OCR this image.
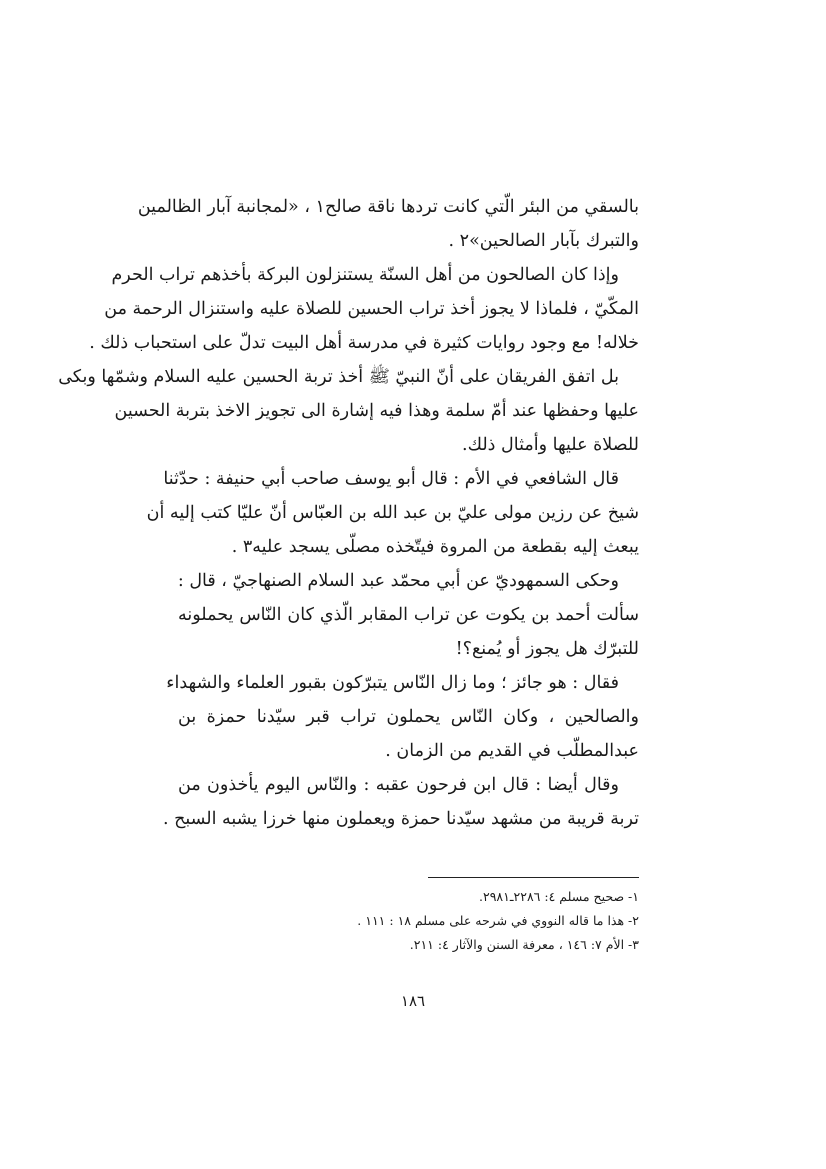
بالسقي من البئر الّتي كانت تردها ناقة صالح١ ، «لمجانبة آبار الظالمين
والتبرك بآبار الصالحين»٢ .
وإذا كان الصالحون من أهل السنّة يستنزلون البركة بأخذهم تراب الحرم
المكّيّ ، فلماذا لا يجوز أخذ تراب الحسين للصلاة عليه واستنزال الرحمة من
خلاله! مع وجود روايات كثيرة في مدرسة أهل البيت تدلّ على استحباب ذلك .
بل اتفق الفريقان على أنّ النبيّ ﷺ أخذ تربة الحسين عليه السلام وشمّها وبكى
عليها وحفظها عند أمّ سلمة وهذا فيه إشارة الى تجويز الاخذ بتربة الحسين
للصلاة عليها وأمثال ذلك.
قال الشافعي في الأم : قال أبو يوسف صاحب أبي حنيفة : حدّثنا
شيخ عن رزين مولى عليّ بن عبد الله بن العبّاس أنّ عليّا كتب إليه أن
يبعث إليه بقطعة من المروة فيتّخذه مصلّى يسجد عليه٣ .
وحكى السمهوديّ عن أبي محمّد عبد السلام الصنهاجيّ ، قال :
سألت أحمد بن يكوت عن تراب المقابر الّذي كان النّاس يحملونه
للتبرّك هل يجوز أو يُمنع؟!
فقال : هو جائز ؛ وما زال النّاس يتبرّكون بقبور العلماء والشهداء
والصالحين ، وكان النّاس يحملون تراب قبر سيّدنا حمزة بن
عبدالمطلّب في القديم من الزمان .
وقال أيضا : قال ابن فرحون عقبه : والنّاس اليوم يأخذون من
تربة قريبة من مشهد سيّدنا حمزة ويعملون منها خرزا يشبه السبح .
١- صحيح مسلم ٤: ٢٢٨٦ـ٢٩٨١.
٢- هذا ما قاله النووي في شرحه على مسلم ١٨ : ١١١ .
٣- الأم ٧: ١٤٦ ، معرفة السنن والآثار ٤: ٢١١.
١٨٦
